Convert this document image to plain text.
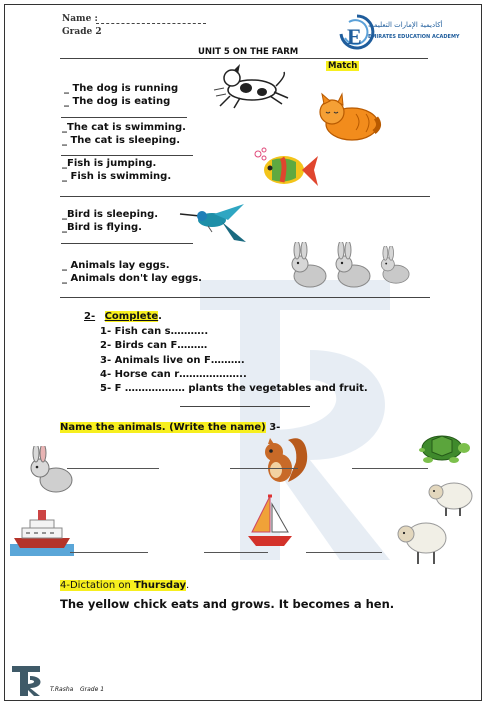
Name :
Grade 2	E أكاديمية الإمارات التعليمية
EMIRATES EDUCATION ACADEMY
UNIT 5 ON THE FARM
Match
_ The dog is running
_ The dog is eating
_The cat is swimming.
_ The cat is sleeping.
_Fish is jumping.
_ Fish is swimming.
_Bird is sleeping.
_Bird is flying.
_ Animals lay eggs.
_ Animals don't lay eggs.
2- Complete.
1- Fish can s………..
2- Birds can F………
3- Animals live on F……….
4- Horse can r………………..
5- F ……………… plants the vegetables and fruit.
Name the animals. (Write the name) 3-
4-Dictation on Thursday.
The yellow chick eats and grows. It becomes a hen.
T.Rasha Grade 1
